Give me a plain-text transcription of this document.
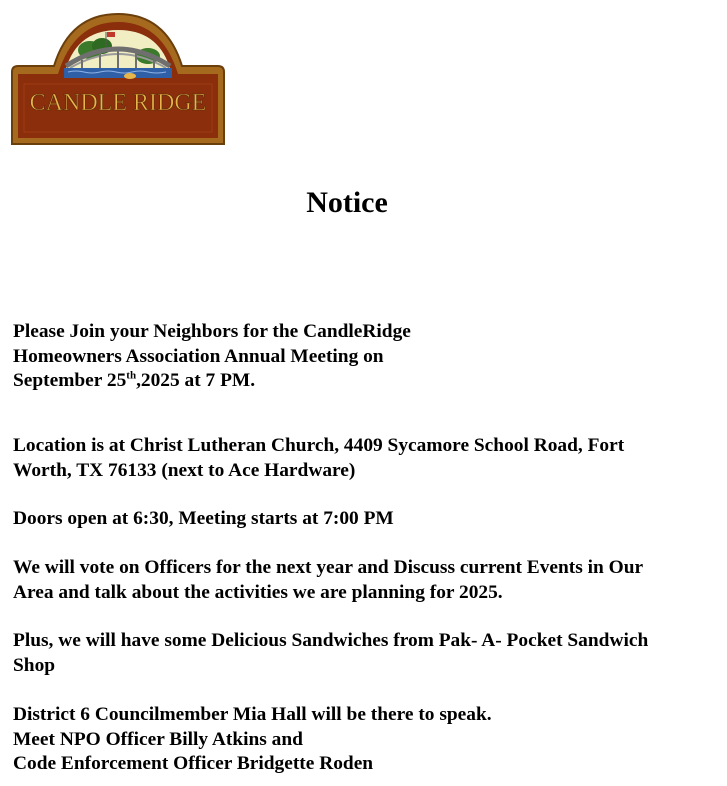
CANDLE RIDGE
Notice

Please Join your Neighbors for the CandleRidge
Homeowners Association Annual Meeting on
September 25th,2025 at 7 PM.

Location is at Christ Lutheran Church, 4409 Sycamore School Road, Fort
Worth, TX 76133 (next to Ace Hardware)

Doors open at 6:30, Meeting starts at 7:00 PM

We will vote on Officers for the next year and Discuss current Events in Our
Area and talk about the activities we are planning for 2025.

Plus, we will have some Delicious Sandwiches from Pak- A- Pocket Sandwich
Shop

District 6 Councilmember Mia Hall will be there to speak.
Meet NPO Officer Billy Atkins and
Code Enforcement Officer Bridgette Roden
